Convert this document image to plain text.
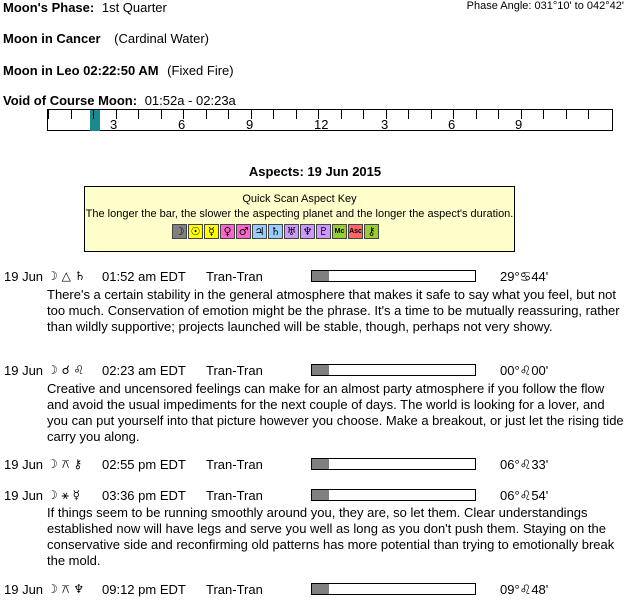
Moon's Phase: 1st Quarter	Phase Angle: 031°10' to 042°42'
Moon in Cancer (Cardinal Water)
Moon in Leo 02:22:50 AM (Fixed Fire)
Void of Course Moon: 01:52a - 02:23a
3	6	9	12	3	6	9
Aspects: 19 Jun 2015
Quick Scan Aspect Key
The longer the bar, the slower the aspecting planet and the longer the aspect's duration.
☽ ☉ ☿ ♀ ♂ ♃ ♄ ♅ ♆ ♇ Mc Asc ⚷
19 Jun ☽ △ ♄ 01:52 am EDT Tran-Tran	29°♋44'
There's a certain stability in the general atmosphere that makes it safe to say what you feel, but not too much. Conservation of emotion might be the phrase. It's a time to be mutually reassuring, rather than wildly supportive; projects launched will be stable, though, perhaps not very showy.
19 Jun ☽ ☌ ♌ 02:23 am EDT Tran-Tran	00°♌00'
Creative and uncensored feelings can make for an almost party atmosphere if you follow the flow and avoid the usual impediments for the next couple of days. The world is looking for a lover, and you can put yourself into that picture however you choose. Make a breakout, or just let the rising tide carry you along.
19 Jun ☽ ⚻ ⚷ 02:55 pm EDT Tran-Tran	06°♌33'
19 Jun ☽ ⚹ ☿ 03:36 pm EDT Tran-Tran	06°♌54'
If things seem to be running smoothly around you, they are, so let them. Clear understandings established now will have legs and serve you well as long as you don't push them. Staying on the conservative side and reconfirming old patterns has more potential than trying to emotionally break the mold.
19 Jun ☽ ⚻ ♆ 09:12 pm EDT Tran-Tran	09°♌48'
